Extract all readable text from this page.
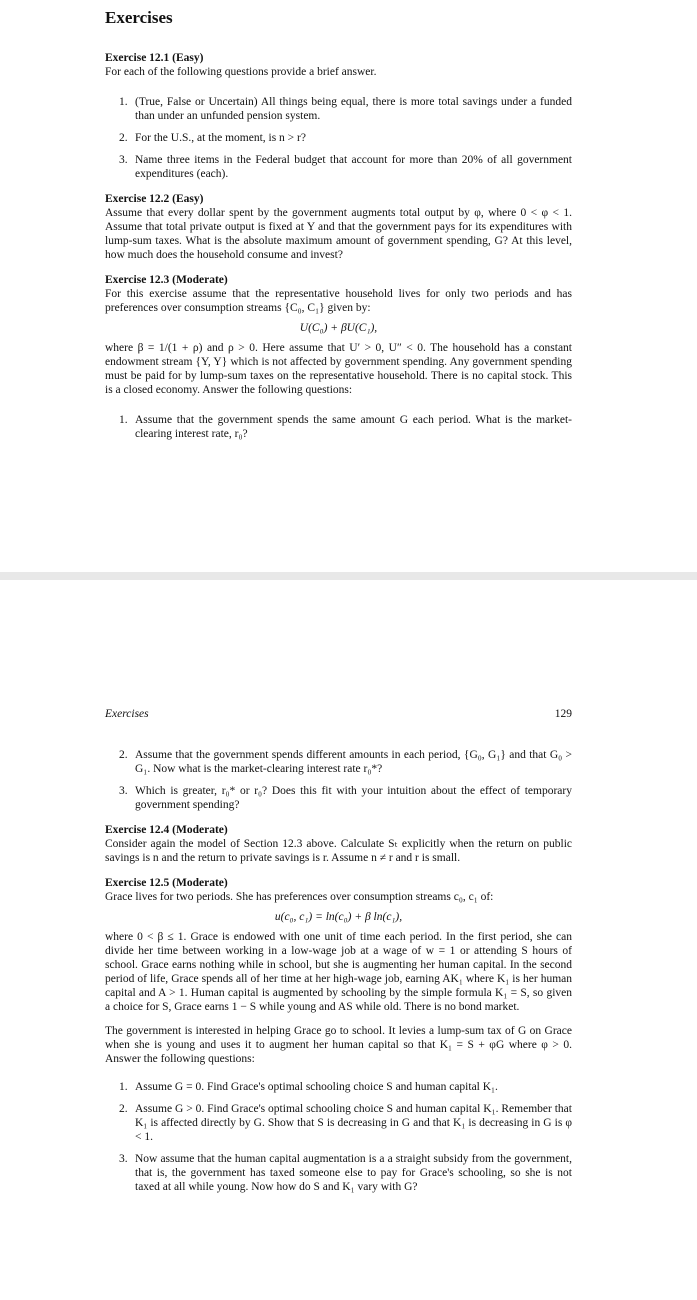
Exercises

Exercise 12.1 (Easy)

For each of the following questions provide a brief answer.

1. (True, False or Uncertain) All things being equal, there is more total savings under a funded than under an unfunded pension system.
2. For the U.S., at the moment, is n > r?
3. Name three items in the Federal budget that account for more than 20% of all government expenditures (each).

Exercise 12.2 (Easy)

Assume that every dollar spent by the government augments total output by φ, where 0 < φ < 1. Assume that total private output is fixed at Y and that the government pays for its expenditures with lump-sum taxes. What is the absolute maximum amount of government spending, G? At this level, how much does the household consume and invest?

Exercise 12.3 (Moderate)

For this exercise assume that the representative household lives for only two periods and has preferences over consumption streams {C₀, C₁} given by:

U(C₀) + βU(C₁),

where β = 1/(1 + ρ) and ρ > 0. Here assume that U′ > 0, U″ < 0. The household has a constant endowment stream {Y, Y} which is not affected by government spending. Any government spending must be paid for by lump-sum taxes on the representative household. There is no capital stock. This is a closed economy. Answer the following questions:

1. Assume that the government spends the same amount G each period. What is the market-clearing interest rate, r₀?
Exercises	129
2. Assume that the government spends different amounts in each period, {G₀, G₁} and that G₀ > G₁. Now what is the market-clearing interest rate r₀*?
3. Which is greater, r₀* or r₀? Does this fit with your intuition about the effect of temporary government spending?

Exercise 12.4 (Moderate)

Consider again the model of Section 12.3 above. Calculate Sₜ explicitly when the return on public savings is n and the return to private savings is r. Assume n ≠ r and r is small.

Exercise 12.5 (Moderate)

Grace lives for two periods. She has preferences over consumption streams c₀, c₁ of:

u(c₀, c₁) = ln(c₀) + β ln(c₁),

where 0 < β ≤ 1. Grace is endowed with one unit of time each period. In the first period, she can divide her time between working in a low-wage job at a wage of w = 1 or attending S hours of school. Grace earns nothing while in school, but she is augmenting her human capital. In the second period of life, Grace spends all of her time at her high-wage job, earning AK₁ where K₁ is her human capital and A > 1. Human capital is augmented by schooling by the simple formula K₁ = S, so given a choice for S, Grace earns 1 − S while young and AS while old. There is no bond market.

The government is interested in helping Grace go to school. It levies a lump-sum tax of G on Grace when she is young and uses it to augment her human capital so that K₁ = S + φG where φ > 0. Answer the following questions:

1. Assume G = 0. Find Grace's optimal schooling choice S and human capital K₁.
2. Assume G > 0. Find Grace's optimal schooling choice S and human capital K₁. Remember that K₁ is affected directly by G. Show that S is decreasing in G and that K₁ is decreasing in G is φ < 1.
3. Now assume that the human capital augmentation is a a straight subsidy from the government, that is, the government has taxed someone else to pay for Grace's schooling, so she is not taxed at all while young. Now how do S and K₁ vary with G?
